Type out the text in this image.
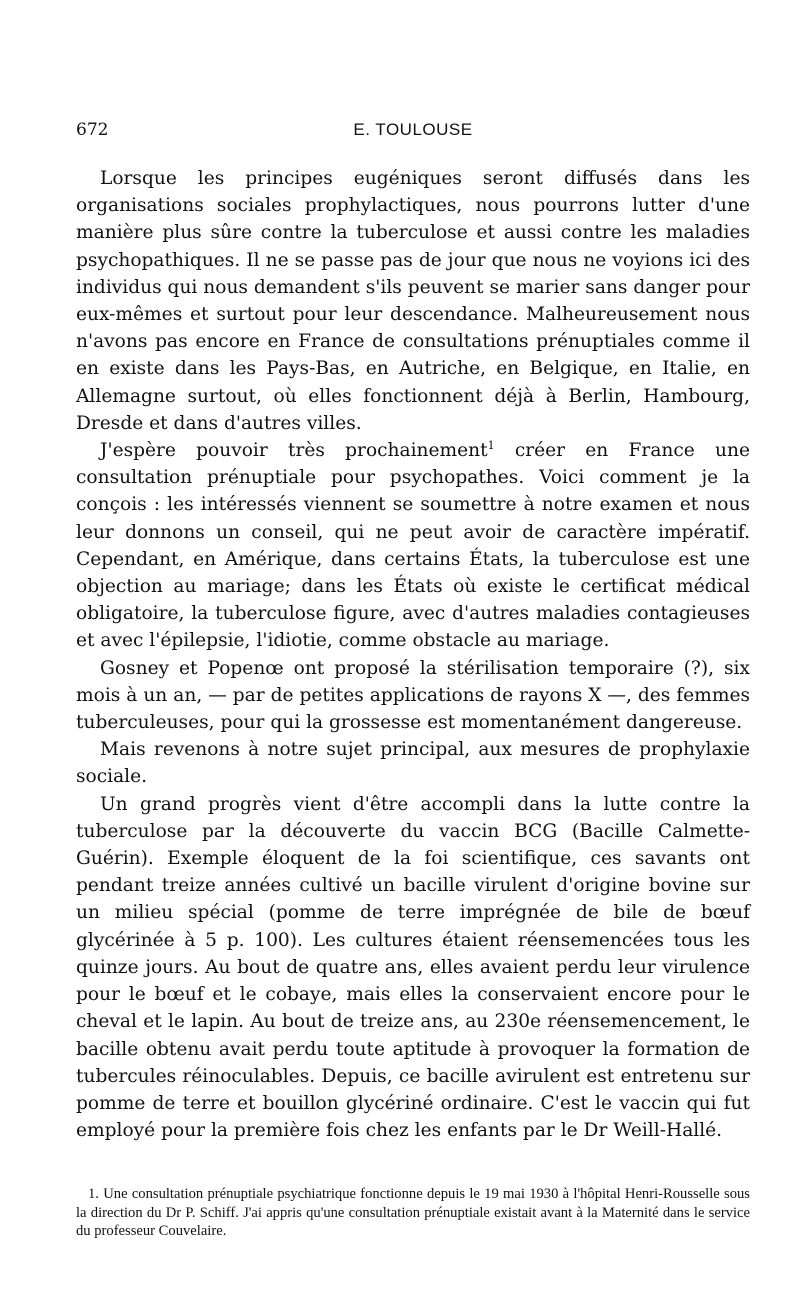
672	E. TOULOUSE

Lorsque les principes eugéniques seront diffusés dans les organisations sociales prophylactiques, nous pourrons lutter d'une manière plus sûre contre la tuberculose et aussi contre les maladies psychopathiques. Il ne se passe pas de jour que nous ne voyions ici des individus qui nous demandent s'ils peuvent se marier sans danger pour eux-mêmes et surtout pour leur descendance. Malheureusement nous n'avons pas encore en France de consultations prénuptiales comme il en existe dans les Pays-Bas, en Autriche, en Belgique, en Italie, en Allemagne surtout, où elles fonctionnent déjà à Berlin, Hambourg, Dresde et dans d'autres villes.

J'espère pouvoir très prochainement$^1$ créer en France une consultation prénuptiale pour psychopathes. Voici comment je la conçois : les intéressés viennent se soumettre à notre examen et nous leur donnons un conseil, qui ne peut avoir de caractère impératif. Cependant, en Amérique, dans certains États, la tuberculose est une objection au mariage; dans les États où existe le certificat médical obligatoire, la tuberculose figure, avec d'autres maladies contagieuses et avec l'épilepsie, l'idiotie, comme obstacle au mariage.

Gosney et Popenœ ont proposé la stérilisation temporaire (?), six mois à un an, — par de petites applications de rayons X —, des femmes tuberculeuses, pour qui la grossesse est momentanément dangereuse.

Mais revenons à notre sujet principal, aux mesures de prophylaxie sociale.

Un grand progrès vient d'être accompli dans la lutte contre la tuberculose par la découverte du vaccin BCG (Bacille Calmette-Guérin). Exemple éloquent de la foi scientifique, ces savants ont pendant treize années cultivé un bacille virulent d'origine bovine sur un milieu spécial (pomme de terre imprégnée de bile de bœuf glycérinée à 5 p. 100). Les cultures étaient réensemencées tous les quinze jours. Au bout de quatre ans, elles avaient perdu leur virulence pour le bœuf et le cobaye, mais elles la conservaient encore pour le cheval et le lapin. Au bout de treize ans, au 230e réensemencement, le bacille obtenu avait perdu toute aptitude à provoquer la formation de tubercules réinoculables. Depuis, ce bacille avirulent est entretenu sur pomme de terre et bouillon glycériné ordinaire. C'est le vaccin qui fut employé pour la première fois chez les enfants par le Dr Weill-Hallé.

1. Une consultation prénuptiale psychiatrique fonctionne depuis le 19 mai 1930 à l'hôpital Henri-Rousselle sous la direction du Dr P. Schiff. J'ai appris qu'une consultation prénuptiale existait avant à la Maternité dans le service du professeur Couvelaire.
